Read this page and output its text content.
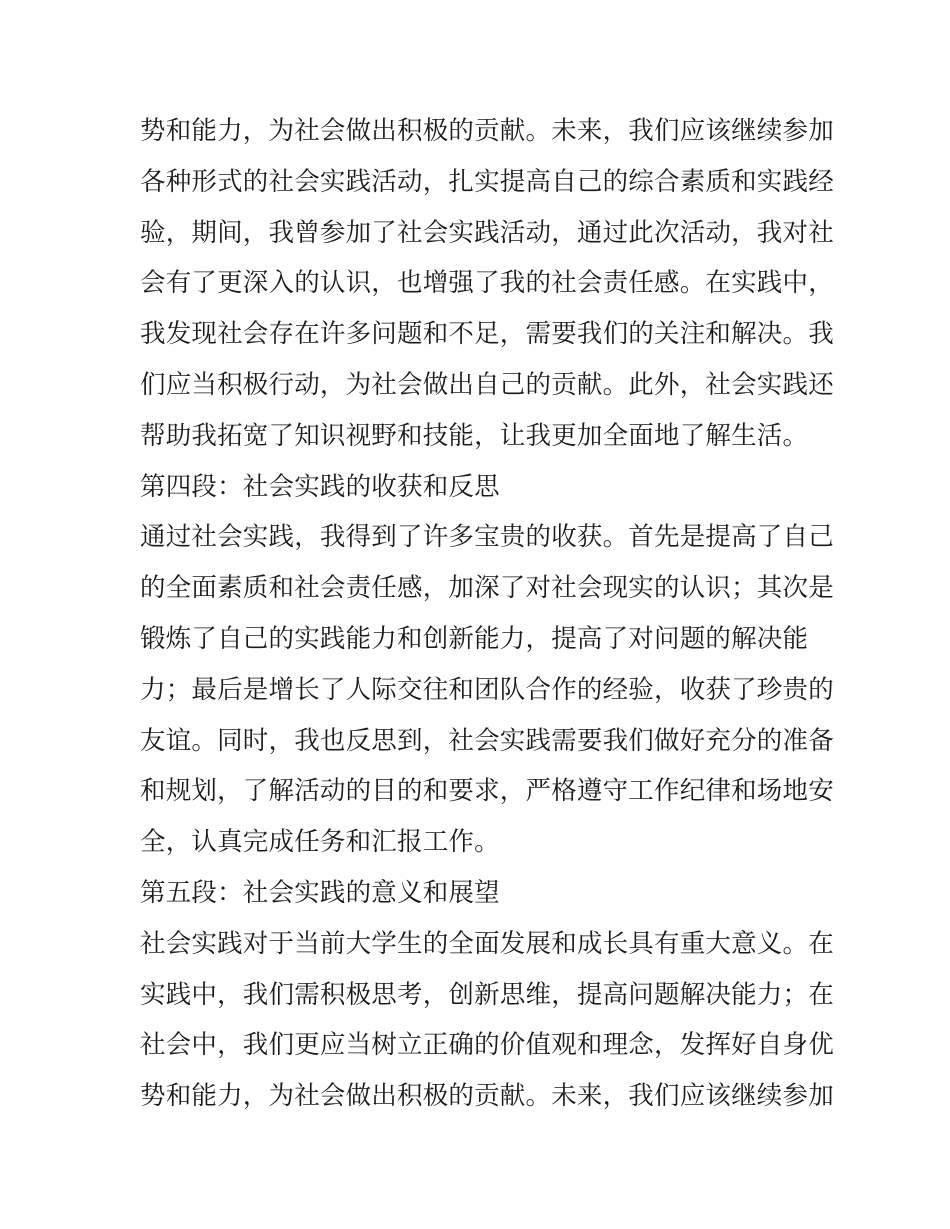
势和能力，为社会做出积极的贡献。未来，我们应该继续参加
各种形式的社会实践活动，扎实提高自己的综合素质和实践经
验，期间，我曾参加了社会实践活动，通过此次活动，我对社
会有了更深入的认识，也增强了我的社会责任感。在实践中，
我发现社会存在许多问题和不足，需要我们的关注和解决。我
们应当积极行动，为社会做出自己的贡献。此外，社会实践还
帮助我拓宽了知识视野和技能，让我更加全面地了解生活。
第四段：社会实践的收获和反思
通过社会实践，我得到了许多宝贵的收获。首先是提高了自己
的全面素质和社会责任感，加深了对社会现实的认识；其次是
锻炼了自己的实践能力和创新能力，提高了对问题的解决能
力；最后是增长了人际交往和团队合作的经验，收获了珍贵的
友谊。同时，我也反思到，社会实践需要我们做好充分的准备
和规划，了解活动的目的和要求，严格遵守工作纪律和场地安
全，认真完成任务和汇报工作。
第五段：社会实践的意义和展望
社会实践对于当前大学生的全面发展和成长具有重大意义。在
实践中，我们需积极思考，创新思维，提高问题解决能力；在
社会中，我们更应当树立正确的价值观和理念，发挥好自身优
势和能力，为社会做出积极的贡献。未来，我们应该继续参加
